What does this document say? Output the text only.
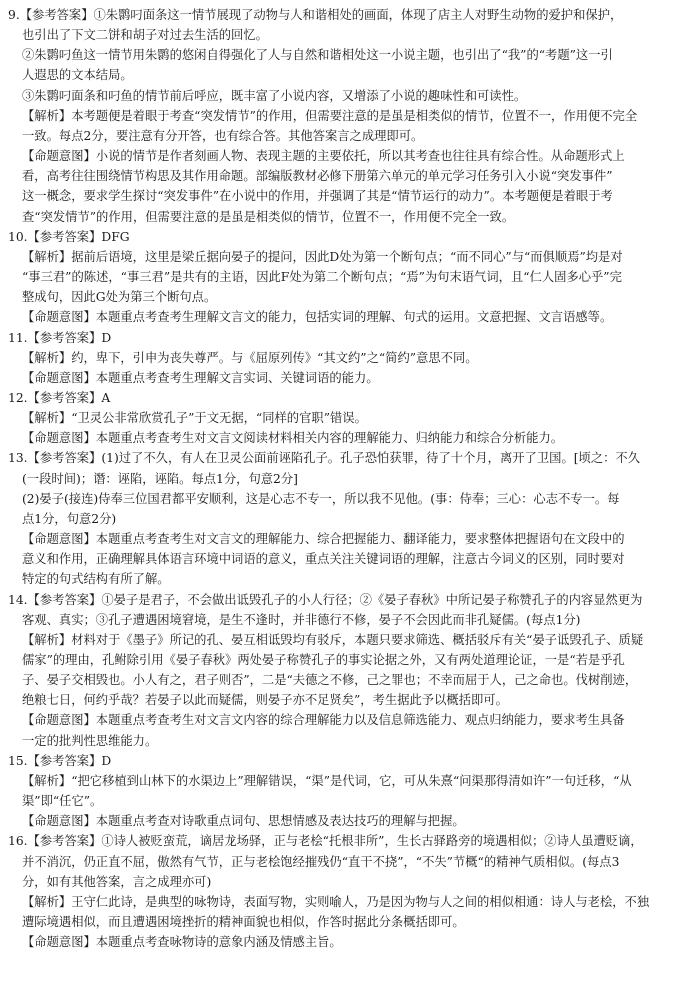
9.【参考答案】①朱鹮叼面条这一情节展现了动物与人和谐相处的画面，体现了店主人对野生动物的爱护和保护，
也引出了下文二饼和胡子对过去生活的回忆。
②朱鹮叼鱼这一情节用朱鹮的悠闲自得强化了人与自然和谐相处这一小说主题，也引出了“我”的“考题”这一引
人遐思的文本结局。
③朱鹮叼面条和叼鱼的情节前后呼应，既丰富了小说内容，又增添了小说的趣味性和可读性。
【解析】本考题便是着眼于考查“突发情节”的作用，但需要注意的是虽是相类似的情节，位置不一，作用便不完全
一致。每点2分，要注意有分开答，也有综合答。其他答案言之成理即可。
【命题意图】小说的情节是作者刻画人物、表现主题的主要依托，所以其考查也往往具有综合性。从命题形式上
看，高考往往围绕情节构思及其作用命题。部编版教材必修下册第六单元的单元学习任务引入小说“突发事件”
这一概念，要求学生探讨“突发事件”在小说中的作用，并强调了其是“情节运行的动力”。本考题便是着眼于考
查“突发情节”的作用，但需要注意的是虽是相类似的情节，位置不一，作用便不完全一致。
10.【参考答案】DFG
【解析】据前后语境，这里是梁丘据向晏子的提问，因此D处为第一个断句点；“而不同心”与“而俱顺焉”均是对
“事三君”的陈述，“事三君”是共有的主语，因此F处为第二个断句点；“焉”为句末语气词，且“仁人固多心乎”完
整成句，因此G处为第三个断句点。
【命题意图】本题重点考查考生理解文言文的能力，包括实词的理解、句式的运用。文意把握、文言语感等。
11.【参考答案】D
【解析】约，卑下，引申为丧失尊严。与《屈原列传》“其文约”之“简约”意思不同。
【命题意图】本题重点考查考生理解文言实词、关键词语的能力。
12.【参考答案】A
【解析】“卫灵公非常欣赏孔子”于文无据，“同样的官职”错误。
【命题意图】本题重点考查考生对文言文阅读材料相关内容的理解能力、归纳能力和综合分析能力。
13.【参考答案】(1)过了不久，有人在卫灵公面前诬陷孔子。孔子恐怕获罪，待了十个月，离开了卫国。[顷之：不久
(一段时间)；谮：诬陷，诬陷。每点1分，句意2分]
(2)晏子(接连)侍奉三位国君都平安顺利，这是心志不专一，所以我不见他。(事：侍奉；三心：心志不专一。每
点1分，句意2分)
【命题意图】本题重点考查考生对文言文的理解能力、综合把握能力、翻译能力，要求整体把握语句在文段中的
意义和作用，正确理解具体语言环境中词语的意义，重点关注关键词语的理解，注意古今词义的区别，同时要对
特定的句式结构有所了解。
14.【参考答案】①晏子是君子，不会做出诋毁孔子的小人行径；②《晏子春秋》中所记晏子称赞孔子的内容显然更为
客观、真实；③孔子遭遇困境窘境，是生不逢时，并非德行不修，晏子不会因此而非孔疑儒。(每点1分)
【解析】材料对于《墨子》所记的孔、晏互相诋毁均有驳斥，本题只要求筛选、概括驳斥有关“晏子诋毁孔子、质疑
儒家”的理由，孔鲋除引用《晏子春秋》两处晏子称赞孔子的事实论据之外，又有两处道理论证，一是“若是乎孔
子、晏子交相毁也。小人有之，君子则否”，二是“夫德之不修，己之罪也；不幸而屈于人，己之命也。伐树削迹，
绝粮七日，何约乎哉？若晏子以此而疑儒，则晏子亦不足贤矣”，考生据此予以概括即可。
【命题意图】本题重点考查考生对文言文内容的综合理解能力以及信息筛选能力、观点归纳能力，要求考生具备
一定的批判性思维能力。
15.【参考答案】D
【解析】“把它移植到山林下的水渠边上”理解错误，“渠”是代词，它，可从朱熹“问渠那得清如许”一句迁移，“从
渠”即“任它”。
【命题意图】本题重点考查对诗歌重点词句、思想情感及表达技巧的理解与把握。
16.【参考答案】①诗人被贬蛮荒，谪居龙场驿，正与老桧“托根非所”，生长古驿路旁的境遇相似；②诗人虽遭贬谪，
并不消沉，仍正直不屈，傲然有气节，正与老桧饱经摧残仍“直干不挠”，“不失”节概“的精神气质相似。(每点3
分，如有其他答案，言之成理亦可)
【解析】王守仁此诗，是典型的咏物诗，表面写物，实则喻人，乃是因为物与人之间的相似相通：诗人与老桧，不独
遭际境遇相似，而且遭遇困境挫折的精神面貌也相似，作答时据此分条概括即可。
【命题意图】本题重点考查咏物诗的意象内涵及情感主旨。
